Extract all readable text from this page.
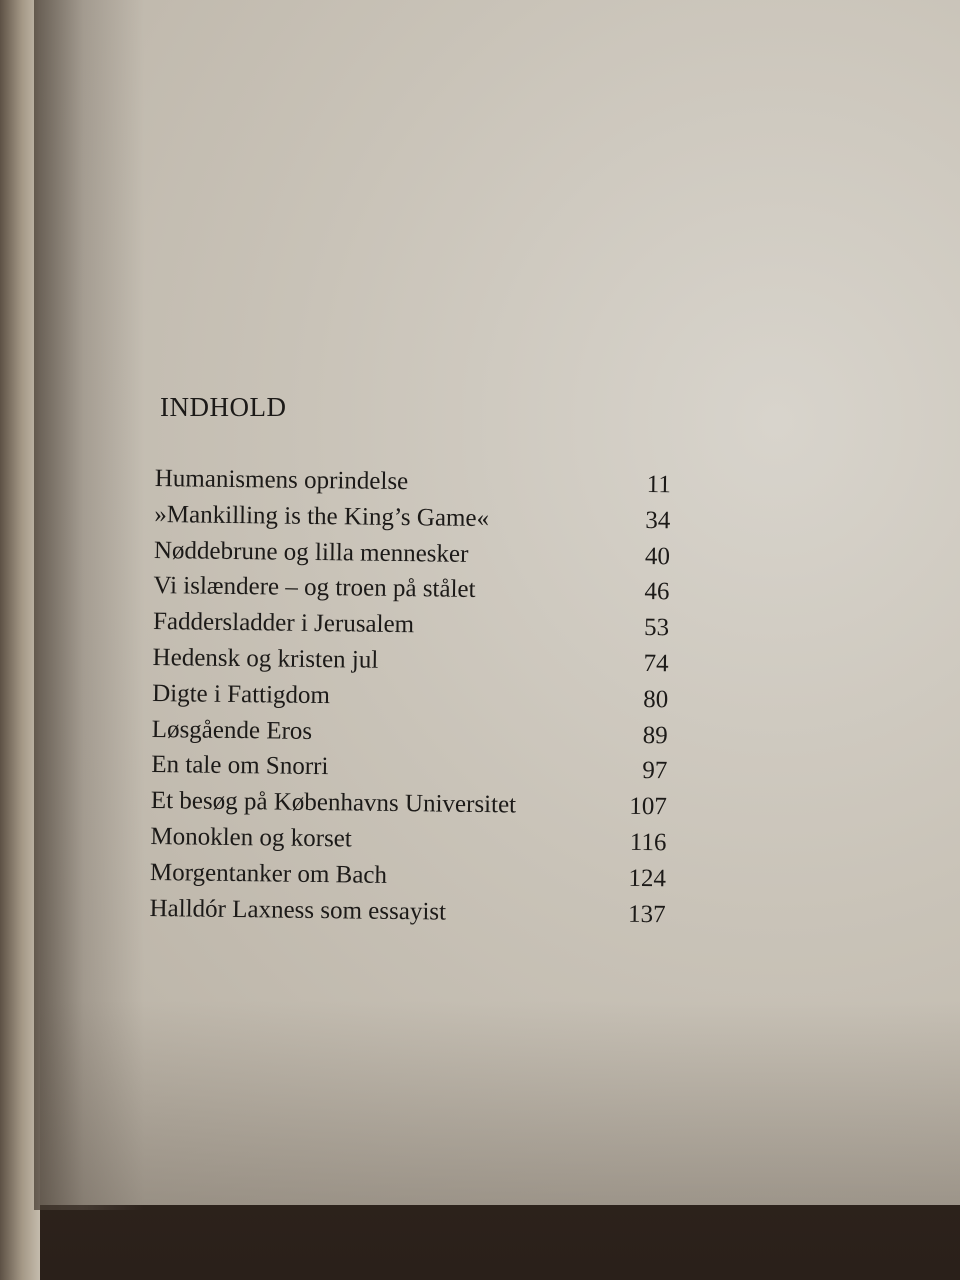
INDHOLD
Humanismens oprindelse	11
»Mankilling is the King’s Game«	34
Nøddebrune og lilla mennesker	40
Vi islændere – og troen på stålet	46
Faddersladder i Jerusalem	53
Hedensk og kristen jul	74
Digte i Fattigdom	80
Løsgående Eros	89
En tale om Snorri	97
Et besøg på Københavns Universitet	107
Monoklen og korset	116
Morgentanker om Bach	124
Halldór Laxness som essayist	137
